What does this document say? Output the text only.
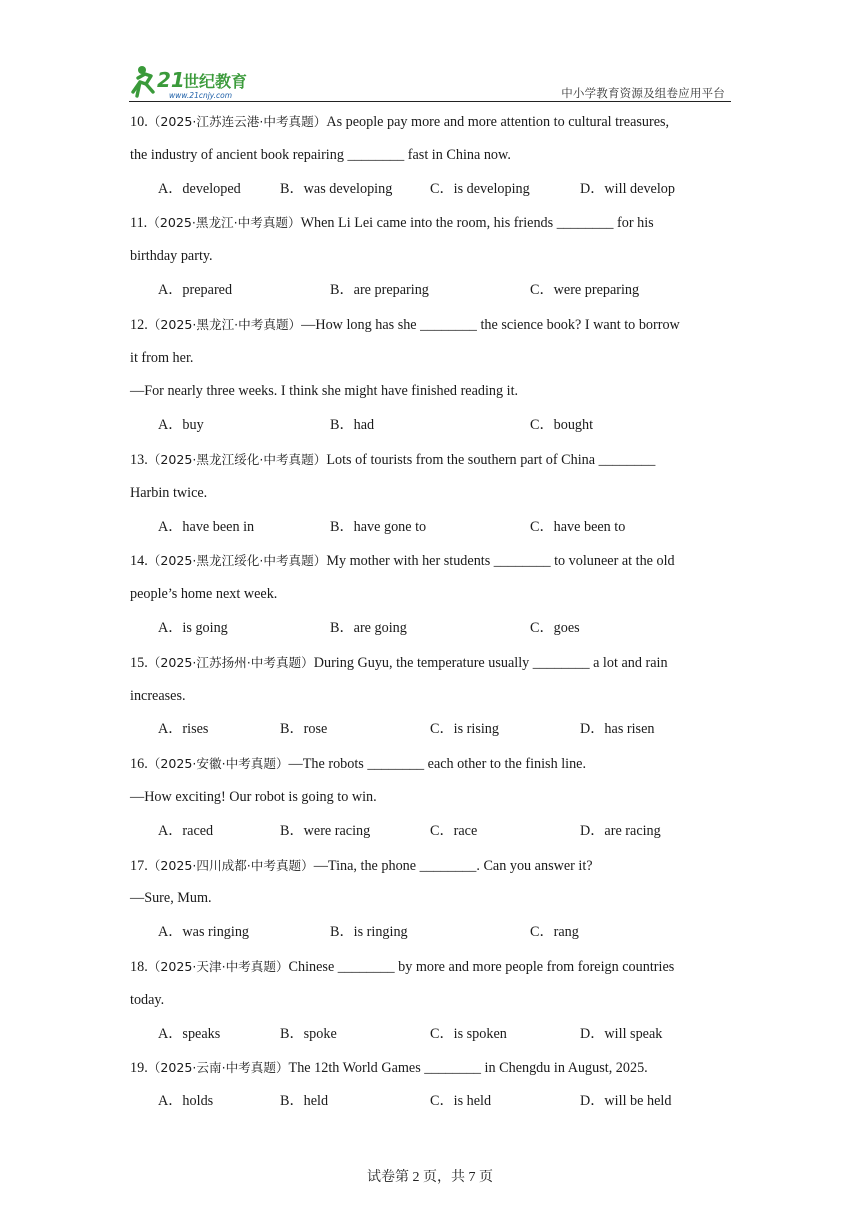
21
世纪教育
www.21cnjy.com	中小学教育资源及组卷应用平台
10.（2025·江苏连云港·中考真题）As people pay more and more attention to cultural treasures,
the industry of ancient book repairing ________ fast in China now.
A．developed	B．was developing	C．is developing	D．will develop
11.（2025·黑龙江·中考真题）When Li Lei came into the room, his friends ________ for his
birthday party.
A．prepared	B．are preparing	C．were preparing
12.（2025·黑龙江·中考真题）—How long has she ________ the science book? I want to borrow
it from her.
—For nearly three weeks. I think she might have finished reading it.
A．buy	B．had	C．bought
13.（2025·黑龙江绥化·中考真题）Lots of tourists from the southern part of China ________
Harbin twice.
A．have been in	B．have gone to	C．have been to
14.（2025·黑龙江绥化·中考真题）My mother with her students ________ to voluneer at the old
people’s home next week.
A．is going	B．are going	C．goes
15.（2025·江苏扬州·中考真题）During Guyu, the temperature usually ________ a lot and rain
increases.
A．rises	B．rose	C．is rising	D．has risen
16.（2025·安徽·中考真题）—The robots ________ each other to the finish line.
—How exciting! Our robot is going to win.
A．raced	B．were racing	C．race	D．are racing
17.（2025·四川成都·中考真题）—Tina, the phone ________. Can you answer it?
—Sure, Mum.
A．was ringing	B．is ringing	C．rang
18.（2025·天津·中考真题）Chinese ________ by more and more people from foreign countries
today.
A．speaks	B．spoke	C．is spoken	D．will speak
19.（2025·云南·中考真题）The 12th World Games ________ in Chengdu in August, 2025.
A．holds	B．held	C．is held	D．will be held
试卷第 2 页，共 7 页
